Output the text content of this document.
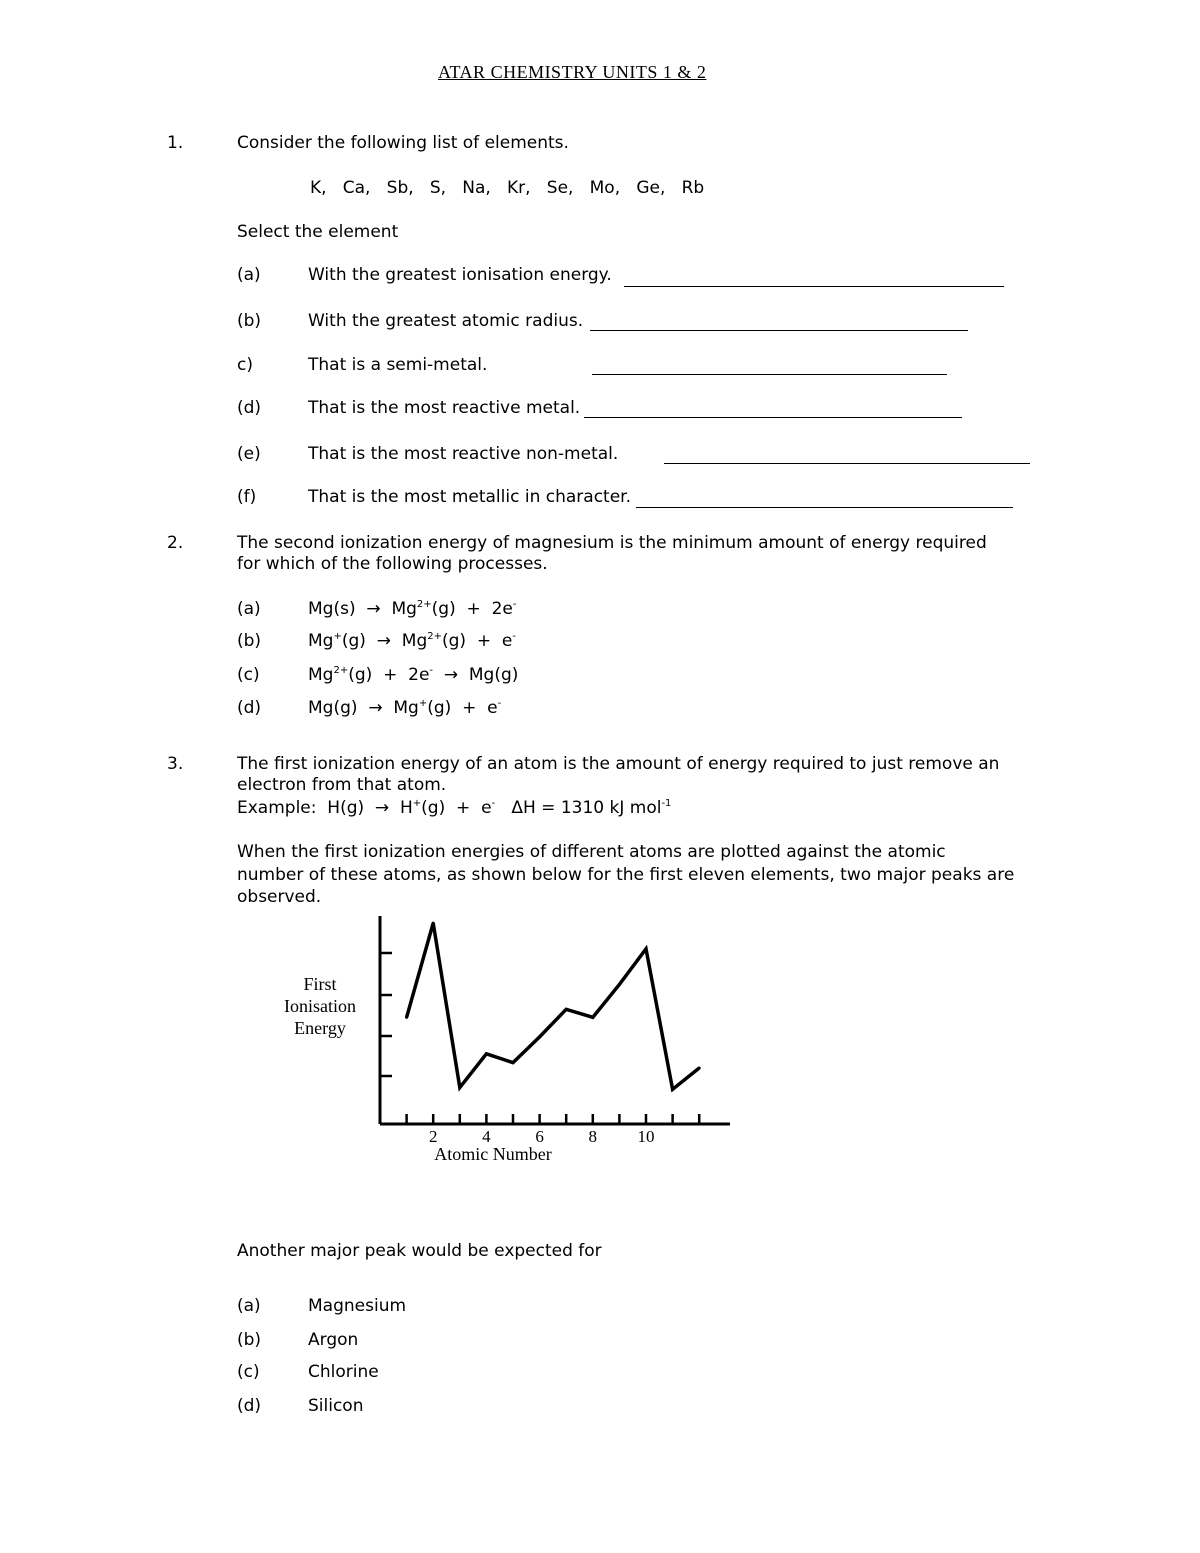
ATAR CHEMISTRY UNITS 1 & 2
1.	Consider the following list of elements.
K,   Ca,   Sb,   S,   Na,   Kr,   Se,   Mo,   Ge,   Rb
Select the element
(a)	With the greatest ionisation energy.
(b)	With the greatest atomic radius.
c)	That is a semi-metal.
(d)	That is the most reactive metal.
(e)	That is the most reactive non-metal.
(f)	That is the most metallic in character.
2.	The second ionization energy of magnesium is the minimum amount of energy required
for which of the following processes.
(a)	$Mg(s) \to Mg^{2+}(g) + 2e^-$
(b)	$Mg^+(g) \to Mg^{2+}(g) + e^-$
(c)	$Mg^{2+}(g) + 2e^- \to Mg(g)$
(d)	Mg(g)  →  Mg+(g)  +  e-
3.	The first ionization energy of an atom is the amount of energy required to just remove an
electron from that atom.
Example:  H(g)  →  H+(g)  +  e-   ΔH = 1310 kJ mol$^{-1}$
When the first ionization energies of different atoms are plotted against the atomic
number of these atoms, as shown below for the first eleven elements, two major peaks are
observed.
2	4	6	8 10
Atomic Number
First
Ionisation
Energy
Another major peak would be expected for
(a)	Magnesium
(b)	Argon
(c)	Chlorine
(d)	Silicon
